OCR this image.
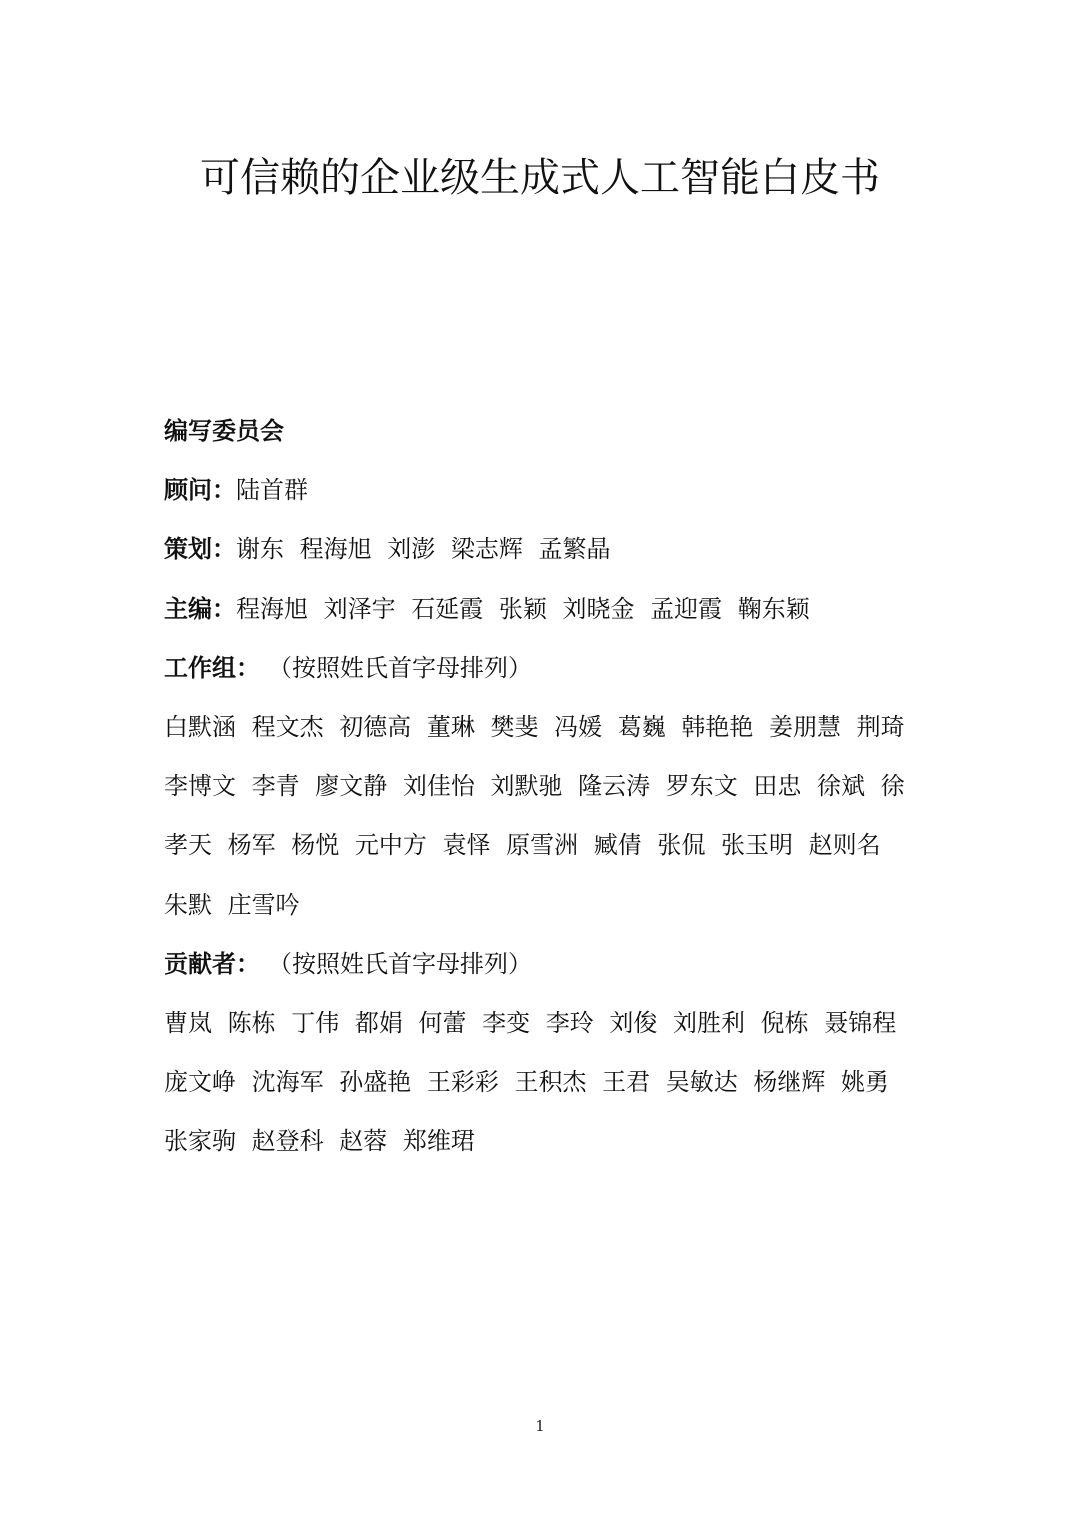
可信赖的企业级生成式人工智能白皮书
编写委员会
顾问：陆首群
策划：谢东 程海旭 刘澎 梁志辉 孟繁晶
主编：程海旭 刘泽宇 石延霞 张颖 刘晓金 孟迎霞 鞠东颖
工作组： （按照姓氏首字母排列）
白默涵 程文杰 初德高 董琳 樊斐 冯媛 葛巍 韩艳艳 姜朋慧 荆琦
李博文 李青 廖文静 刘佳怡 刘默驰 隆云涛 罗东文 田忠 徐斌 徐
孝天 杨军 杨悦 元中方 袁怿 原雪洲 臧倩 张侃 张玉明 赵则名
朱默 庄雪吟
贡献者： （按照姓氏首字母排列）
曹岚 陈栋 丁伟 都娟 何蕾 李变 李玲 刘俊 刘胜利 倪栋 聂锦程
庞文峥 沈海军 孙盛艳 王彩彩 王积杰 王君 吴敏达 杨继辉 姚勇
张家驹 赵登科 赵蓉 郑维珺
1
